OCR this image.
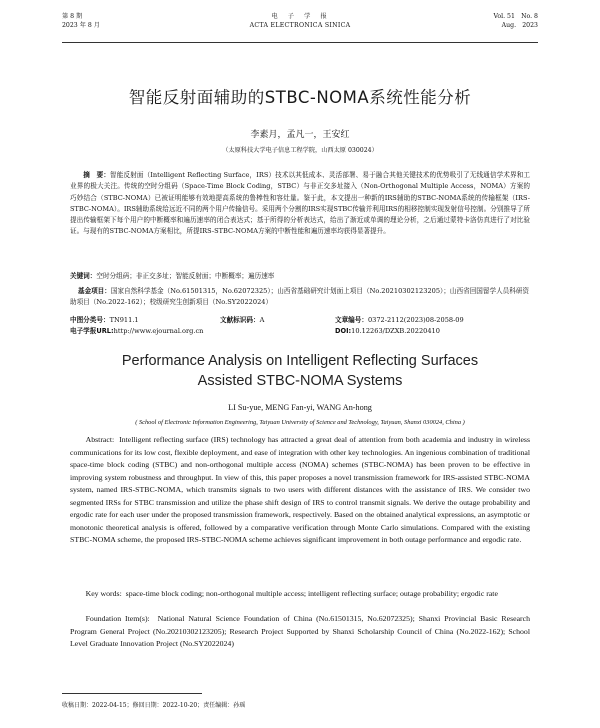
第 8 期	电　子　学　报	Vol. 51　No. 8
2023 年 8 月	ACTA ELECTRONICA SINICA	Aug.　2023
智能反射面辅助的STBC-NOMA系统性能分析
李素月，孟凡一，王安红
（太原科技大学电子信息工程学院，山西太原 030024）
摘　要：智能反射面（Intelligent Reflecting Surface，IRS）技术以其低成本、灵活部署、易于融合其他关键技术的优势吸引了无线通信学术界和工业界的极大关注。传统的空时分组码（Space-Time Block Coding，STBC）与非正交多址接入（Non-Orthogonal Multiple Access，NOMA）方案的巧妙结合（STBC-NOMA）已被证明能够有效地提高系统的鲁棒性和容灶量。鉴于此，本文提出一种新的IRS辅助的STBC-NOMA系统的传输框架（IRS-STBC-NOMA）。IRS辅助系统给远近不同的两个用户传输信号。采用两个分割的IRS实现STBC传输并利用IRS的相移控制实现发射信号控制。分别推导了所提出传输框架下每个用户的中断概率和遍历速率的闭合表达式；基于所得的分析表达式，给出了渐近或单调的理论分析，之后通过蒙特卡洛仿真进行了对比验证。与现有的STBC-NOMA方案相比，所提IRS-STBC-NOMA方案的中断性能和遍历速率均获得显著提升。
关键词：空时分组码；非正交多址；智能反射面；中断概率；遍历速率
基金项目：国家自然科学基金（No.61501315，No.62072325）；山西省基础研究计划面上项目（No.20210302123205）；山西省回国留学人员科研资助项目（No.2022-162）；校级研究生创新项目（No.SY2022024）
中图分类号：TN911.1	文献标识码：A	文章编号：0372-2112(2023)08-2058-09
电子学报URL:http://www.ejournal.org.cn	DOI:10.12263/DZXB.20220410
Performance Analysis on Intelligent Reflecting Surfaces
Assisted STBC-NOMA Systems
LI Su-yue, MENG Fan-yi, WANG An-hong
( School of Electronic Information Engineering, Taiyuan University of Science and Technology, Taiyuan, Shanxi 030024, China )
Abstract: Intelligent reflecting surface (IRS) technology has attracted a great deal of attention from both academia and industry in wireless communications for its low cost, flexible deployment, and ease of integration with other key technologies. An ingenious combination of traditional space-time block coding (STBC) and non-orthogonal multiple access (NOMA) schemes (STBC-NOMA) has been proven to be effective in improving system robustness and throughput. In view of this, this paper proposes a novel transmission framework for IRS-assisted STBC-NOMA system, named IRS-STBC-NOMA, which transmits signals to two users with different distances with the assistance of IRS. We consider two segmented IRSs for STBC transmission and utilize the phase shift design of IRS to control transmit signals. We derive the outage probability and ergodic rate for each user under the proposed transmission framework, respectively. Based on the obtained analytical expressions, an asymptotic or monotonic theoretical analysis is offered, followed by a comparative verification through Monte Carlo simulations. Compared with the existing STBC-NOMA scheme, the proposed IRS-STBC-NOMA scheme achieves significant improvement in both outage performance and ergodic rate.
Key words: space-time block coding; non-orthogonal multiple access; intelligent reflecting surface; outage probability; ergodic rate
Foundation Item(s): National Natural Science Foundation of China (No.61501315, No.62072325); Shanxi Provincial Basic Research Program General Project (No.20210302123205); Research Project Supported by Shanxi Scholarship Council of China (No.2022-162); School Level Graduate Innovation Project (No.SY2022024)
收稿日期：2022-04-15；修回日期：2022-10-20；责任编辑：孙瑶
